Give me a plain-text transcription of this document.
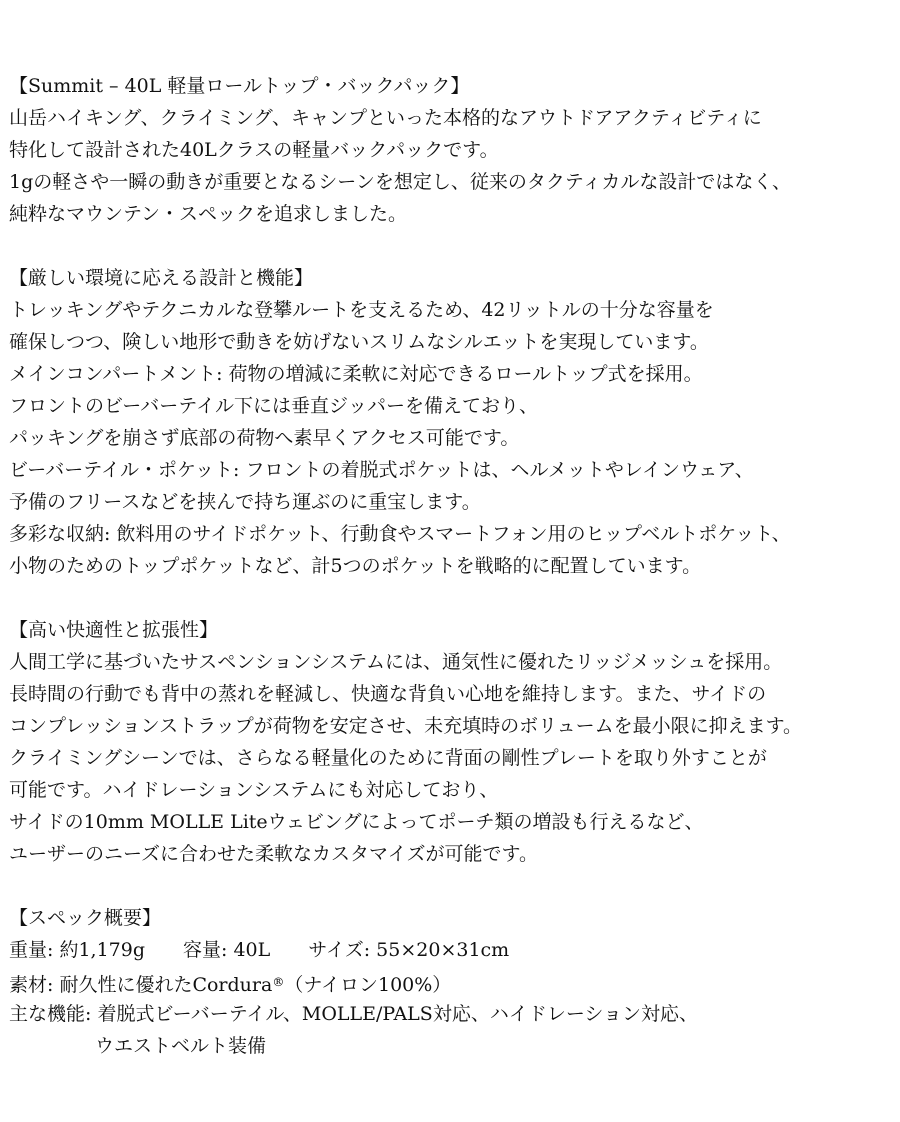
【Summit – 40L 軽量ロールトップ・バックパック】
山岳ハイキング、クライミング、キャンプといった本格的なアウトドアアクティビティに
特化して設計された40Lクラスの軽量バックパックです。
1gの軽さや一瞬の動きが重要となるシーンを想定し、従来のタクティカルな設計ではなく、
純粋なマウンテン・スペックを追求しました。
【厳しい環境に応える設計と機能】
トレッキングやテクニカルな登攀ルートを支えるため、42リットルの十分な容量を
確保しつつ、険しい地形で動きを妨げないスリムなシルエットを実現しています。
メインコンパートメント: 荷物の増減に柔軟に対応できるロールトップ式を採用。
フロントのビーバーテイル下には垂直ジッパーを備えており、
パッキングを崩さず底部の荷物へ素早くアクセス可能です。
ビーバーテイル・ポケット: フロントの着脱式ポケットは、ヘルメットやレインウェア、
予備のフリースなどを挟んで持ち運ぶのに重宝します。
多彩な収納: 飲料用のサイドポケット、行動食やスマートフォン用のヒップベルトポケット、
小物のためのトップポケットなど、計5つのポケットを戦略的に配置しています。
【高い快適性と拡張性】
人間工学に基づいたサスペンションシステムには、通気性に優れたリッジメッシュを採用。
長時間の行動でも背中の蒸れを軽減し、快適な背負い心地を維持します。また、サイドの
コンプレッションストラップが荷物を安定させ、未充填時のボリュームを最小限に抑えます。
クライミングシーンでは、さらなる軽量化のために背面の剛性プレートを取り外すことが
可能です。ハイドレーションシステムにも対応しており、
サイドの10mm MOLLE Liteウェビングによってポーチ類の増設も行えるなど、
ユーザーのニーズに合わせた柔軟なカスタマイズが可能です。
【スペック概要】
重量: 約1,179g 容量: 40L サイズ: 55×20×31cm
素材: 耐久性に優れたCordura®（ナイロン100%）
主な機能: 着脱式ビーバーテイル、MOLLE/PALS対応、ハイドレーション対応、
ウエストベルト装備
